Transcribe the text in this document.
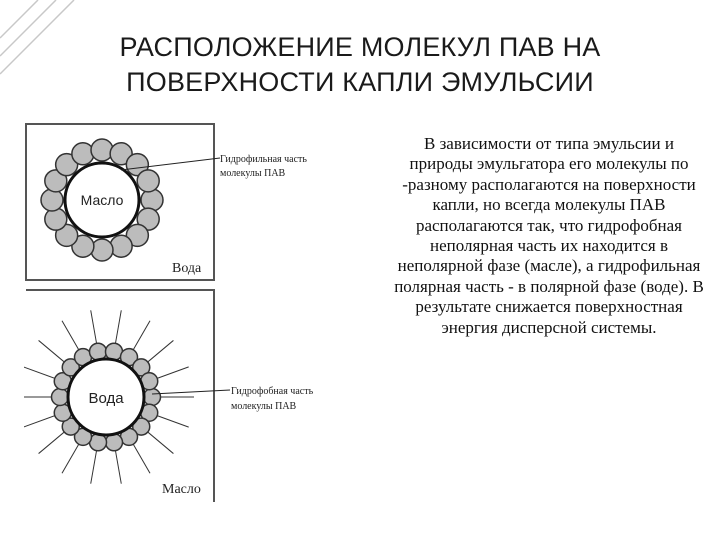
РАСПОЛОЖЕНИЕ МОЛЕКУЛ ПАВ НА
ПОВЕРХНОСТИ КАПЛИ ЭМУЛЬСИИ
Масло
Вода
Гидрофильная часть
молекулы ПАВ
Вода
Масло
Гидрофобная часть
молекулы ПАВ
В зависимости от типа эмульсии и природы эмульгатора его молекулы по -разному располагаются на поверхности капли, но всегда молекулы ПАВ располагаются так, что гидрофобная неполярная часть их находится в неполярной фазе (масле), а гидрофильная полярная часть - в полярной фазе (воде). В результате снижается поверхностная энергия дисперсной системы.
